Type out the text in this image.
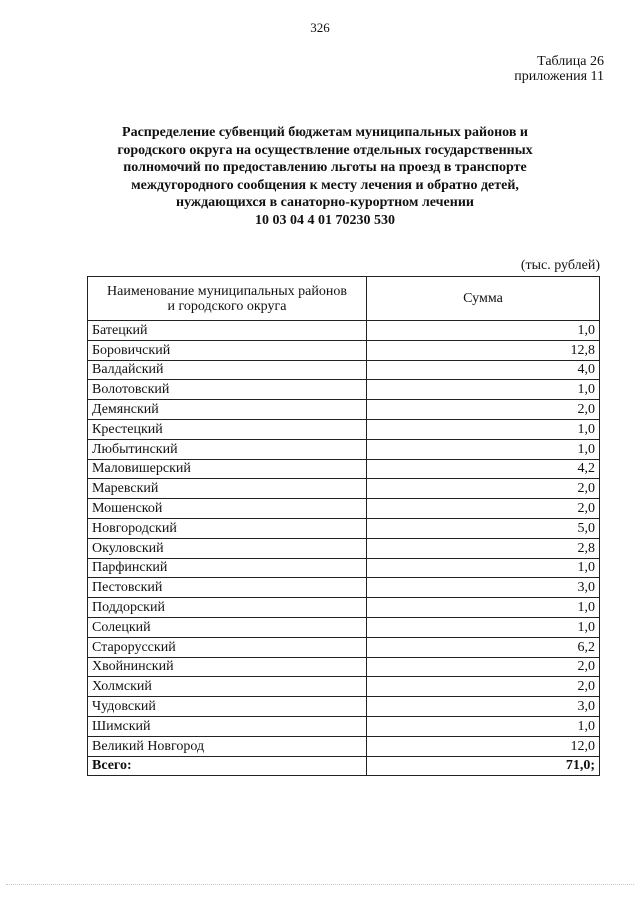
326
Таблица 26
приложения 11
Распределение субвенций бюджетам муниципальных районов и
городского округа на осуществление отдельных государственных
полномочий по предоставлению льготы на проезд в транспорте
междугородного сообщения к месту лечения и обратно детей,
нуждающихся в санаторно-курортном лечении
10 03 04 4 01 70230 530
(тыс. рублей)
Наименование муниципальных районов
и городского округа	Сумма
Батецкий	1,0
Боровичский	12,8
Валдайский	4,0
Волотовский	1,0
Демянский	2,0
Крестецкий	1,0
Любытинский	1,0
Маловишерский	4,2
Маревский	2,0
Мошенской	2,0
Новгородский	5,0
Окуловский	2,8
Парфинский	1,0
Пестовский	3,0
Поддорский	1,0
Солецкий	1,0
Старорусский	6,2
Хвойнинский	2,0
Холмский	2,0
Чудовский	3,0
Шимский	1,0
Великий Новгород	12,0
Всего:	71,0;
